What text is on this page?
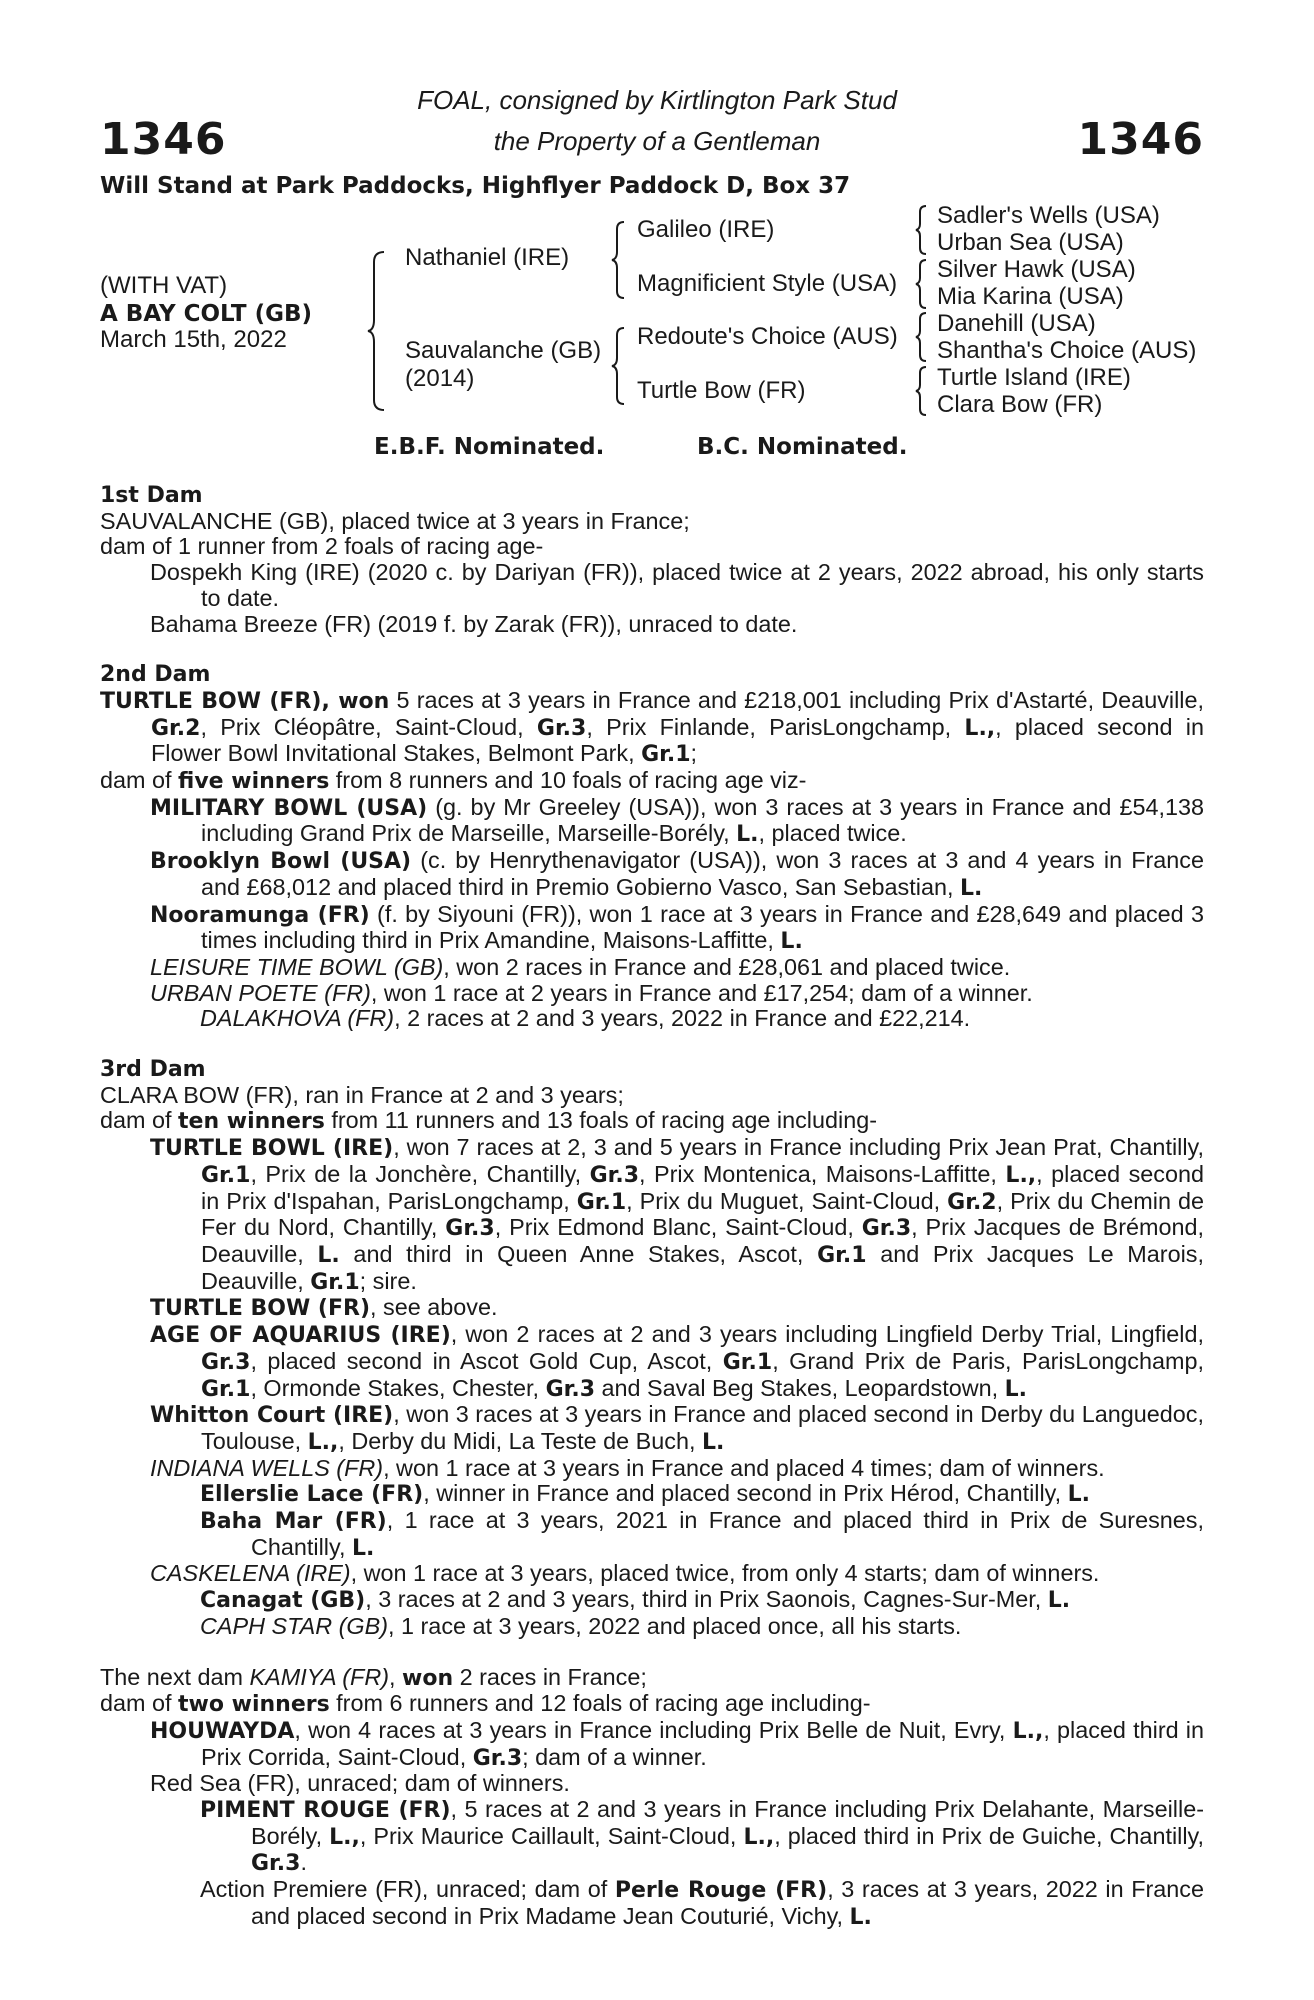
1346	1346
FOAL, consigned by Kirtlington Park Stud
the Property of a Gentleman
Will Stand at Park Paddocks, Highflyer Paddock D, Box 37
(WITH VAT)
A BAY COLT (GB)
March 15th, 2022
Nathaniel (IRE)
Sauvalanche (GB)
(2014)
Galileo (IRE)
Magnificient Style (USA)
Redoute's Choice (AUS)
Turtle Bow (FR)
Sadler's Wells (USA)
Urban Sea (USA)
Silver Hawk (USA)
Mia Karina (USA)
Danehill (USA)
Shantha's Choice (AUS)
Turtle Island (IRE)
Clara Bow (FR)
E.B.F. Nominated.	B.C. Nominated.
1st Dam

SAUVALANCHE (GB), placed twice at 3 years in France;

dam of 1 runner from 2 foals of racing age-

Dospekh King (IRE) (2020 c. by Dariyan (FR)), placed twice at 2 years, 2022 abroad, his only starts to date.

Bahama Breeze (FR) (2019 f. by Zarak (FR)), unraced to date.

2nd Dam

TURTLE BOW (FR), won 5 races at 3 years in France and £218,001 including Prix d'Astarté, Deauville, Gr.2, Prix Cléopâtre, Saint-Cloud, Gr.3, Prix Finlande, ParisLongchamp, L.,, placed second in Flower Bowl Invitational Stakes, Belmont Park, Gr.1;

dam of five winners from 8 runners and 10 foals of racing age viz-

MILITARY BOWL (USA) (g. by Mr Greeley (USA)), won 3 races at 3 years in France and £54,138 including Grand Prix de Marseille, Marseille-Borély, L., placed twice.

Brooklyn Bowl (USA) (c. by Henrythenavigator (USA)), won 3 races at 3 and 4 years in France and £68,012 and placed third in Premio Gobierno Vasco, San Sebastian, L.

Nooramunga (FR) (f. by Siyouni (FR)), won 1 race at 3 years in France and £28,649 and placed 3 times including third in Prix Amandine, Maisons-Laffitte, L.

LEISURE TIME BOWL (GB), won 2 races in France and £28,061 and placed twice.

URBAN POETE (FR), won 1 race at 2 years in France and £17,254; dam of a winner.

DALAKHOVA (FR), 2 races at 2 and 3 years, 2022 in France and £22,214.

3rd Dam

CLARA BOW (FR), ran in France at 2 and 3 years;

dam of ten winners from 11 runners and 13 foals of racing age including-

TURTLE BOWL (IRE), won 7 races at 2, 3 and 5 years in France including Prix Jean Prat, Chantilly, Gr.1, Prix de la Jonchère, Chantilly, Gr.3, Prix Montenica, Maisons-Laffitte, L.,, placed second in Prix d'Ispahan, ParisLongchamp, Gr.1, Prix du Muguet, Saint-Cloud, Gr.2, Prix du Chemin de Fer du Nord, Chantilly, Gr.3, Prix Edmond Blanc, Saint-Cloud, Gr.3, Prix Jacques de Brémond, Deauville, L. and third in Queen Anne Stakes, Ascot, Gr.1 and Prix Jacques Le Marois, Deauville, Gr.1; sire.

TURTLE BOW (FR), see above.

AGE OF AQUARIUS (IRE), won 2 races at 2 and 3 years including Lingfield Derby Trial, Lingfield, Gr.3, placed second in Ascot Gold Cup, Ascot, Gr.1, Grand Prix de Paris, ParisLongchamp, Gr.1, Ormonde Stakes, Chester, Gr.3 and Saval Beg Stakes, Leopardstown, L.

Whitton Court (IRE), won 3 races at 3 years in France and placed second in Derby du Languedoc, Toulouse, L.,, Derby du Midi, La Teste de Buch, L.

INDIANA WELLS (FR), won 1 race at 3 years in France and placed 4 times; dam of winners.

Ellerslie Lace (FR), winner in France and placed second in Prix Hérod, Chantilly, L.

Baha Mar (FR), 1 race at 3 years, 2021 in France and placed third in Prix de Suresnes, Chantilly, L.

CASKELENA (IRE), won 1 race at 3 years, placed twice, from only 4 starts; dam of winners.

Canagat (GB), 3 races at 2 and 3 years, third in Prix Saonois, Cagnes-Sur-Mer, L.

CAPH STAR (GB), 1 race at 3 years, 2022 and placed once, all his starts.

The next dam KAMIYA (FR), won 2 races in France;

dam of two winners from 6 runners and 12 foals of racing age including-

HOUWAYDA, won 4 races at 3 years in France including Prix Belle de Nuit, Evry, L.,, placed third in Prix Corrida, Saint-Cloud, Gr.3; dam of a winner.

Red Sea (FR), unraced; dam of winners.

PIMENT ROUGE (FR), 5 races at 2 and 3 years in France including Prix Delahante, Marseille-Borély, L.,, Prix Maurice Caillault, Saint-Cloud, L.,, placed third in Prix de Guiche, Chantilly, Gr.3.

Action Premiere (FR), unraced; dam of Perle Rouge (FR), 3 races at 3 years, 2022 in France and placed second in Prix Madame Jean Couturié, Vichy, L.
